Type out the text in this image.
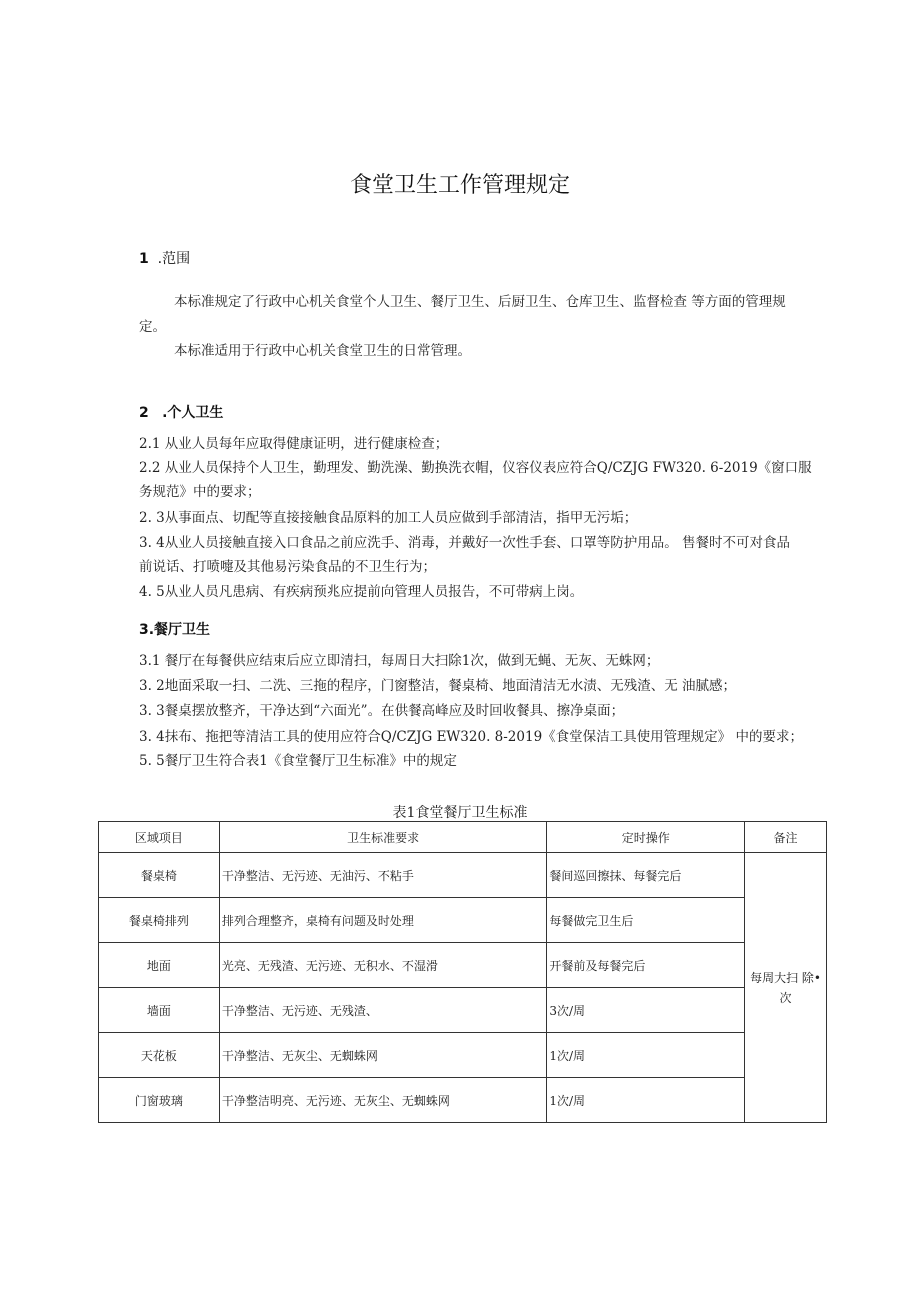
食堂卫生工作管理规定
1 .范围
本标准规定了行政中心机关食堂个人卫生、餐厅卫生、后厨卫生、仓库卫生、监督检查 等方面的管理规
定。
本标准适用于行政中心机关食堂卫生的日常管理。
2 .个人卫生
2.1 从业人员每年应取得健康证明，进行健康检查；
2.2 从业人员保持个人卫生，勤理发、勤洗澡、勤换洗衣帽，仪容仪表应符合Q/CZJG FW320. 6-2019《窗口服
务规范》中的要求；
2. 3从事面点、切配等直接接触食品原料的加工人员应做到手部清洁，指甲无污垢；
3. 4从业人员接触直接入口食品之前应洗手、消毒，并戴好一次性手套、口罩等防护用品。 售餐时不可对食品
前说话、打喷嚏及其他易污染食品的不卫生行为；
4. 5从业人员凡患病、有疾病预兆应提前向管理人员报告，不可带病上岗。
3.餐厅卫生
3.1 餐厅在每餐供应结束后应立即清扫，每周日大扫除1次，做到无蝇、无灰、无蛛网；
3. 2地面采取一扫、二洗、三拖的程序，门窗整洁，餐桌椅、地面清洁无水渍、无残渣、无 油腻感；
3. 3餐桌摆放整齐，干净达到“六面光”。在供餐高峰应及时回收餐具、擦净桌面；
3. 4抹布、拖把等清洁工具的使用应符合Q/CZJG EW320. 8-2019《食堂保洁工具使用管理规定》 中的要求；
5. 5餐厅卫生符合表1《食堂餐厅卫生标准》中的规定
表1食堂餐厅卫生标准
区域项目	卫生标准要求	定时操作	备注
餐桌椅	干净整洁、无污迹、无油污、不粘手	餐间巡回擦抹、每餐完后	每周大扫 除•
次
餐桌椅排列	排列合理整齐，桌椅有问题及时处理	每餐做完卫生后	
地面	光亮、无残渣、无污迹、无积水、不湿滑	开餐前及每餐完后	
墙面	干净整洁、无污迹、无残渣、	3次/周	
天花板	干净整洁、无灰尘、无蜘蛛网	1次/周	
门窗玻璃	干净整洁明亮、无污迹、无灰尘、无蜘蛛网	1次/周	
